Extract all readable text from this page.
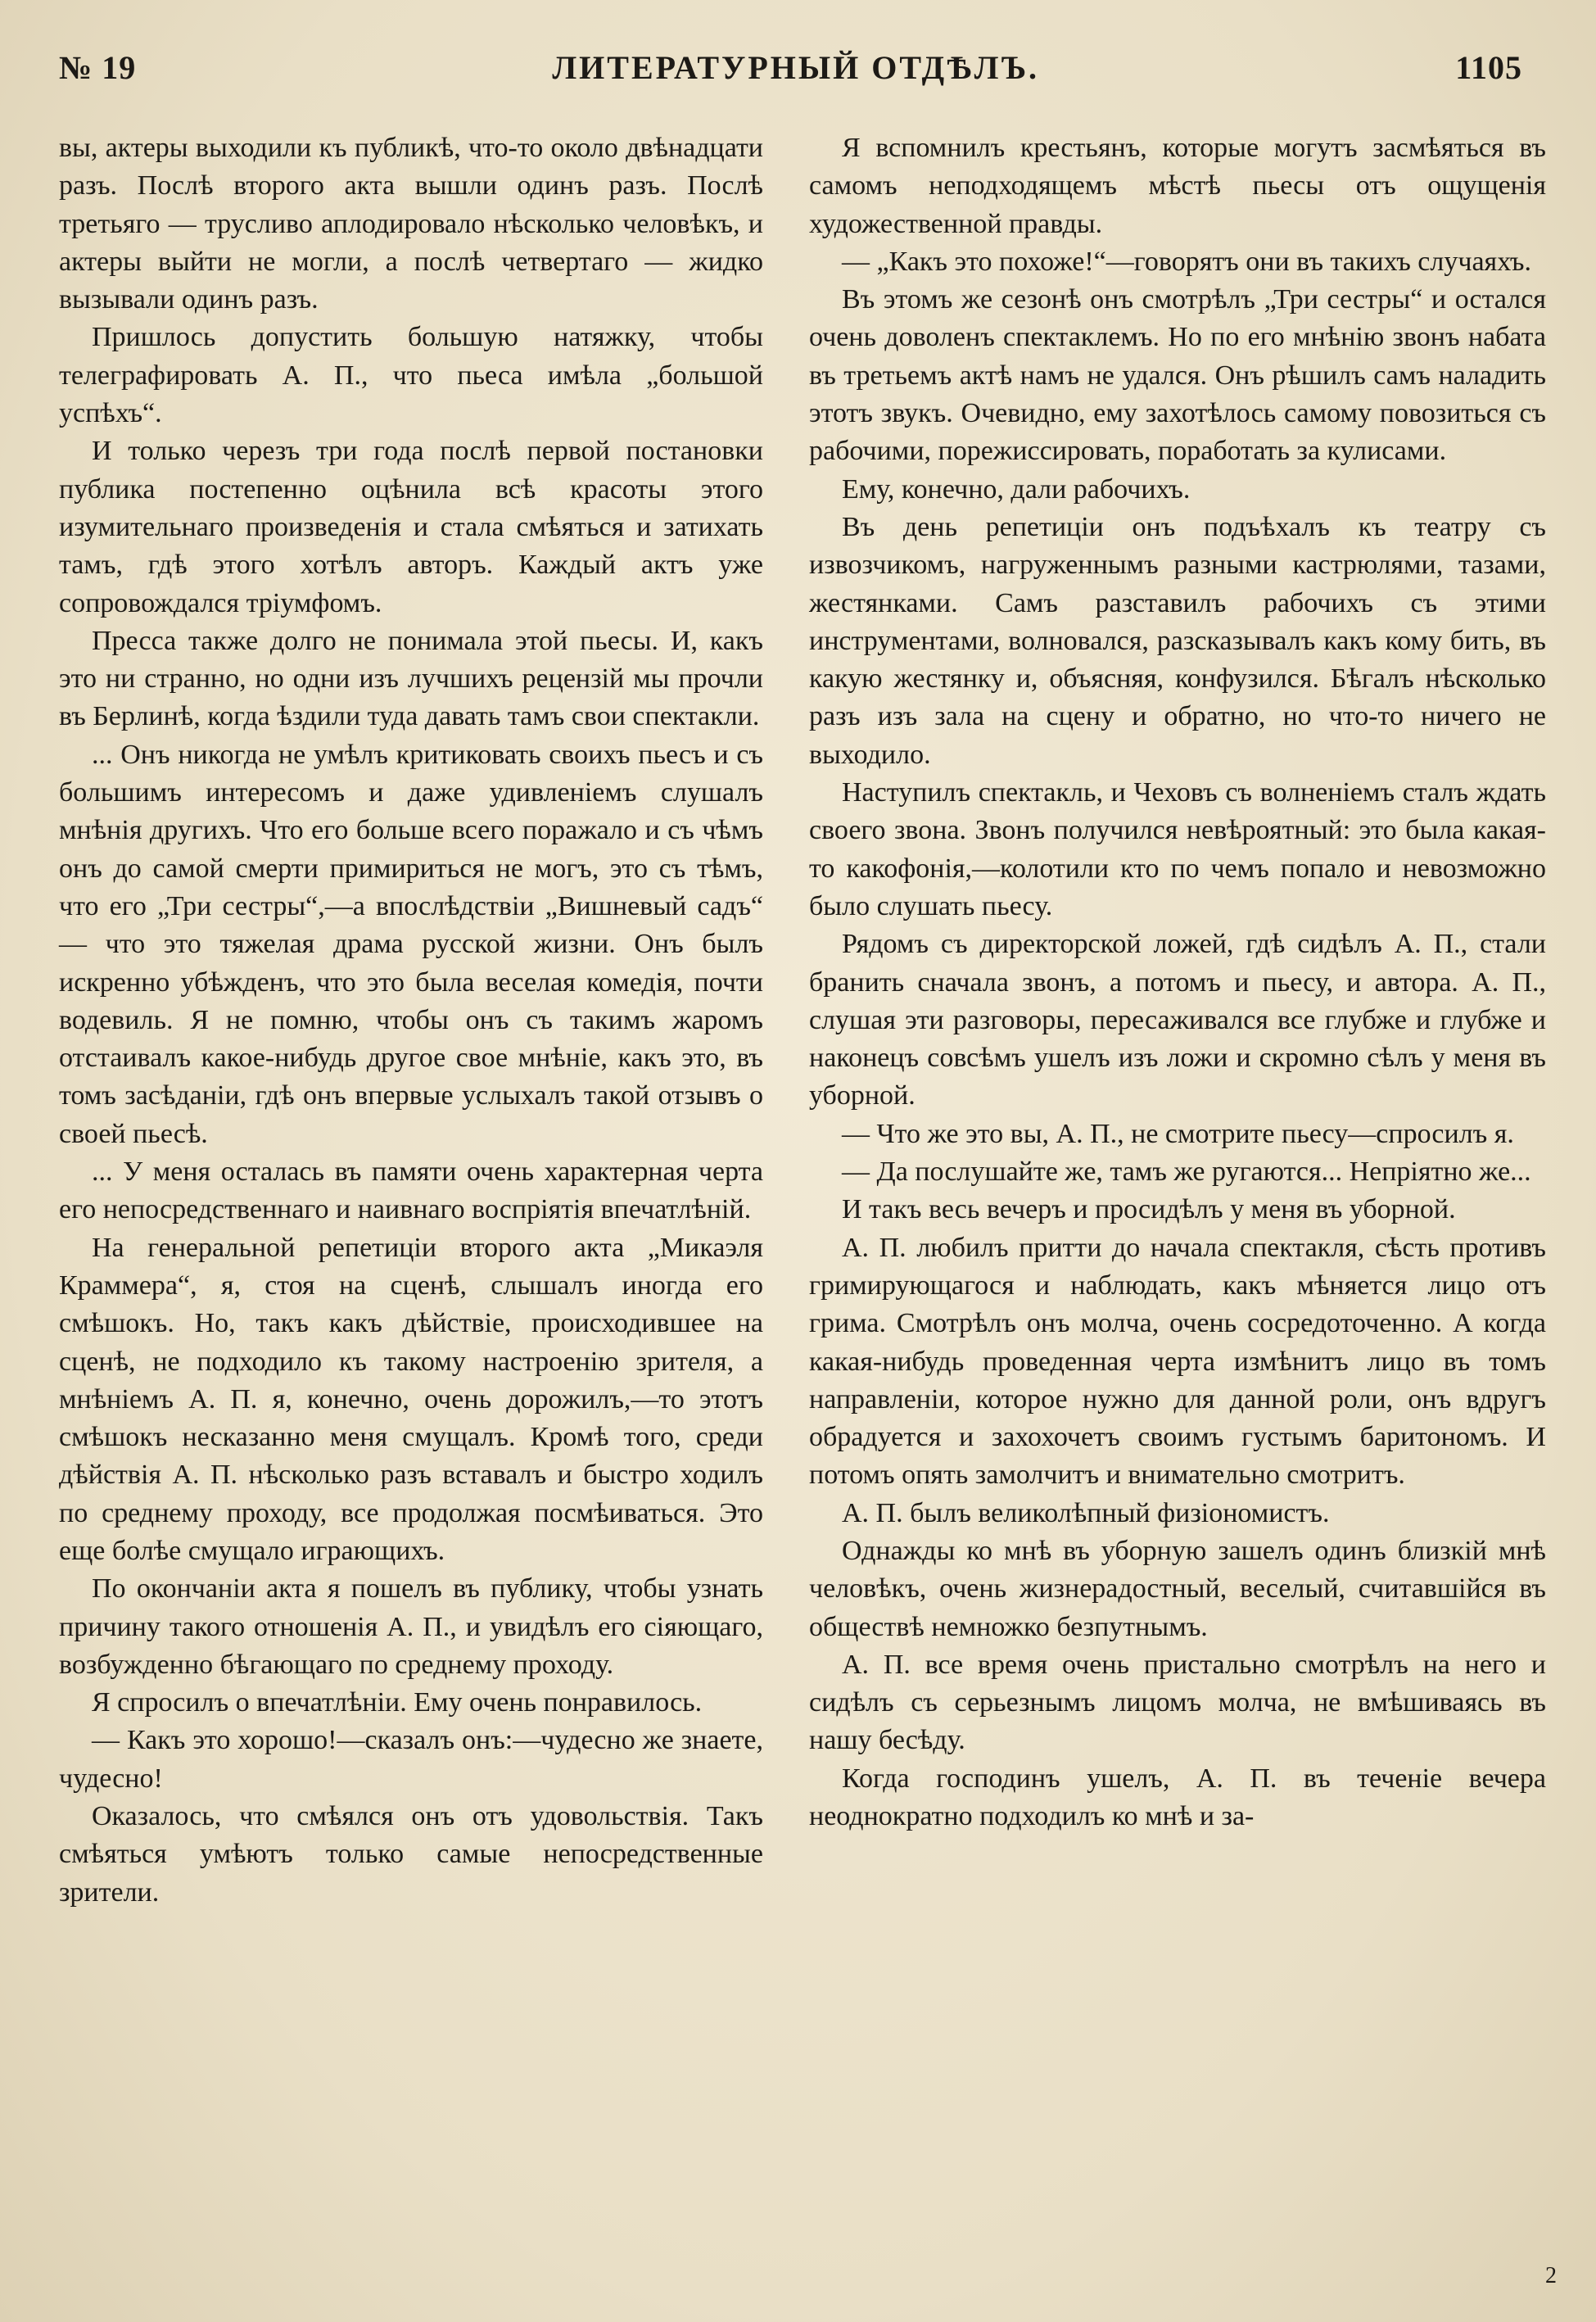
№ 19	ЛИТЕРАТУРНЫЙ ОТДѢЛЪ.	1105

вы, актеры выходили къ публикѣ, что-то около двѣнадцати разъ. Послѣ второго акта вышли одинъ разъ. Послѣ третьяго — трусливо аплодировало нѣсколько человѣкъ, и актеры выйти не могли, а послѣ четвертаго — жидко вызывали одинъ разъ.

Пришлось допустить большую натяжку, чтобы телеграфировать А. П., что пьеса имѣла „большой успѣхъ“.

И только черезъ три года послѣ первой постановки публика постепенно оцѣнила всѣ красоты этого изумительнаго произведенія и стала смѣяться и затихать тамъ, гдѣ этого хотѣлъ авторъ. Каждый актъ уже сопровождался тріумфомъ.

Пресса также долго не понимала этой пьесы. И, какъ это ни странно, но одни изъ лучшихъ рецензій мы прочли въ Берлинѣ, когда ѣздили туда давать тамъ свои спектакли.

... Онъ никогда не умѣлъ критиковать своихъ пьесъ и съ большимъ интересомъ и даже удивленіемъ слушалъ мнѣнія другихъ. Что его больше всего поражало и съ чѣмъ онъ до самой смерти примириться не могъ, это съ тѣмъ, что его „Три сестры“,—а впослѣдствіи „Вишневый садъ“ — что это тяжелая драма русской жизни. Онъ былъ искренно убѣжденъ, что это была веселая комедія, почти водевиль. Я не помню, чтобы онъ съ такимъ жаромъ отстаивалъ какое-нибудь другое свое мнѣніе, какъ это, въ томъ засѣданіи, гдѣ онъ впервые услыхалъ такой отзывъ о своей пьесѣ.

... У меня осталась въ памяти очень характерная черта его непосредственнаго и наивнаго воспріятія впечатлѣній.

На генеральной репетиціи второго акта „Микаэля Краммера“, я, стоя на сценѣ, слышалъ иногда его смѣшокъ. Но, такъ какъ дѣйствіе, происходившее на сценѣ, не подходило къ такому настроенію зрителя, а мнѣніемъ А. П. я, конечно, очень дорожилъ,—то этотъ смѣшокъ несказанно меня смущалъ. Кромѣ того, среди дѣйствія А. П. нѣсколько разъ вставалъ и быстро ходилъ по среднему проходу, все продолжая посмѣиваться. Это еще болѣе смущало играющихъ.

По окончаніи акта я пошелъ въ публику, чтобы узнать причину такого отношенія А. П., и увидѣлъ его сіяющаго, возбужденно бѣгающаго по среднему проходу.

Я спросилъ о впечатлѣніи. Ему очень понравилось.

— Какъ это хорошо!—сказалъ онъ:—чудесно же знаете, чудесно!

Оказалось, что смѣялся онъ отъ удовольствія. Такъ смѣяться умѣютъ только самые непосредственные зрители.

Я вспомнилъ крестьянъ, которые могутъ засмѣяться въ самомъ неподходящемъ мѣстѣ пьесы отъ ощущенія художественной правды.

— „Какъ это похоже!“—говорятъ они въ такихъ случаяхъ.

Въ этомъ же сезонѣ онъ смотрѣлъ „Три сестры“ и остался очень доволенъ спектаклемъ. Но по его мнѣнію звонъ набата въ третьемъ актѣ намъ не удался. Онъ рѣшилъ самъ наладить этотъ звукъ. Очевидно, ему захотѣлось самому повозиться съ рабочими, порежиссировать, поработать за кулисами.

Ему, конечно, дали рабочихъ.

Въ день репетиціи онъ подъѣхалъ къ театру съ извозчикомъ, нагруженнымъ разными кастрюлями, тазами, жестянками. Самъ разставилъ рабочихъ съ этими инструментами, волновался, разсказывалъ какъ кому бить, въ какую жестянку и, объясняя, конфузился. Бѣгалъ нѣсколько разъ изъ зала на сцену и обратно, но что-то ничего не выходило.

Наступилъ спектакль, и Чеховъ съ волненіемъ сталъ ждать своего звона. Звонъ получился невѣроятный: это была какая-то какофонія,—колотили кто по чемъ попало и невозможно было слушать пьесу.

Рядомъ съ директорской ложей, гдѣ сидѣлъ А. П., стали бранить сначала звонъ, а потомъ и пьесу, и автора. А. П., слушая эти разговоры, пересаживался все глубже и глубже и наконецъ совсѣмъ ушелъ изъ ложи и скромно сѣлъ у меня въ уборной.

— Что же это вы, А. П., не смотрите пьесу—спросилъ я.

— Да послушайте же, тамъ же ругаются... Непріятно же...

И такъ весь вечеръ и просидѣлъ у меня въ уборной.

А. П. любилъ притти до начала спектакля, сѣсть противъ гримирующагося и наблюдать, какъ мѣняется лицо отъ грима. Смотрѣлъ онъ молча, очень сосредоточенно. А когда какая-нибудь проведенная черта измѣнитъ лицо въ томъ направленіи, которое нужно для данной роли, онъ вдругъ обрадуется и захохочетъ своимъ густымъ баритономъ. И потомъ опять замолчитъ и внимательно смотритъ.

А. П. былъ великолѣпный физіономистъ.

Однажды ко мнѣ въ уборную зашелъ одинъ близкій мнѣ человѣкъ, очень жизнерадостный, веселый, считавшійся въ обществѣ немножко безпутнымъ.

А. П. все время очень пристально смотрѣлъ на него и сидѣлъ съ серьезнымъ лицомъ молча, не вмѣшиваясь въ нашу бесѣду.

Когда господинъ ушелъ, А. П. въ теченіе вечера неоднократно подходилъ ко мнѣ и за-

2
